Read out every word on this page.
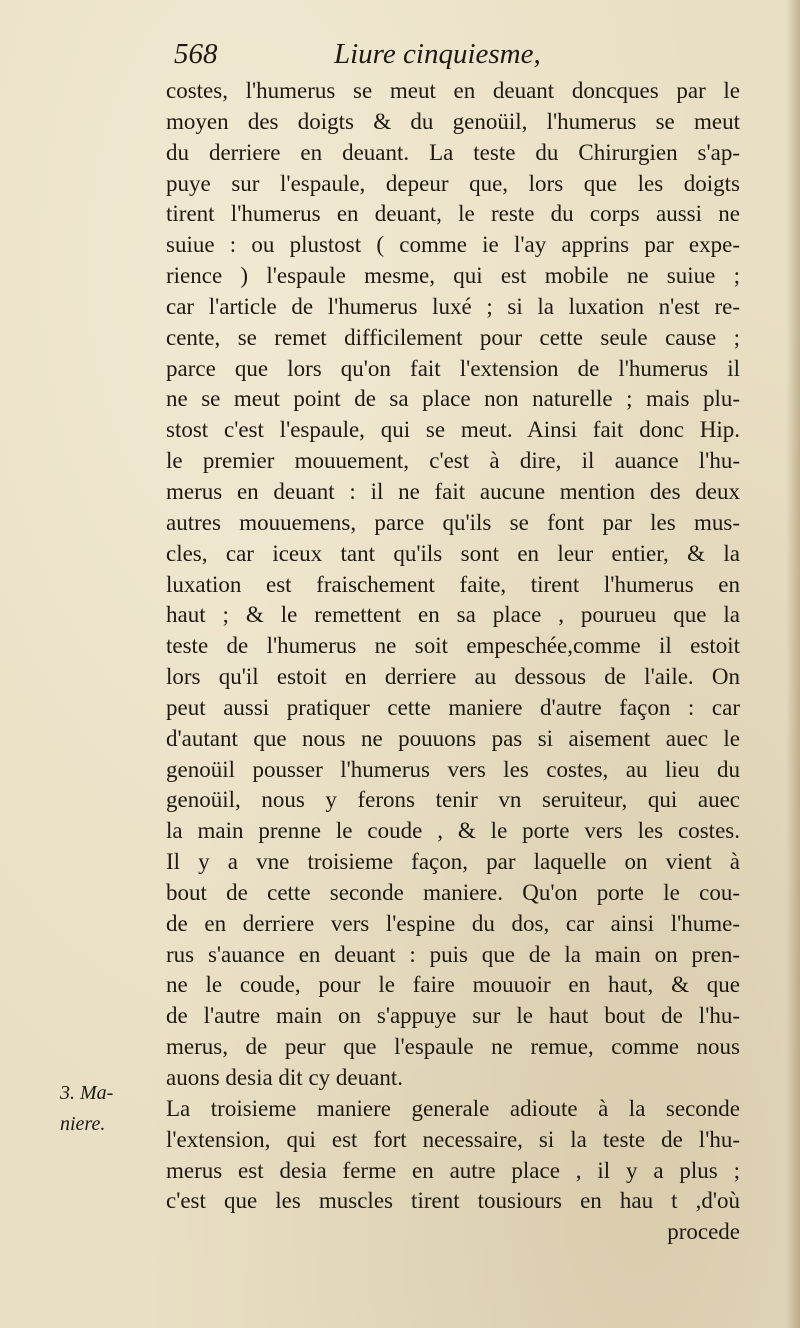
568	Liure cinquiesme,
3. Ma-
niere.
costes, l'humerus se meut en deuant doncques par le
moyen des doigts & du genoüil, l'humerus se meut
du derriere en deuant. La teste du Chirurgien s'ap-
puye sur l'espaule, depeur que, lors que les doigts
tirent l'humerus en deuant, le reste du corps aussi ne
suiue : ou plustost ( comme ie l'ay apprins par expe-
rience ) l'espaule mesme, qui est mobile ne suiue ;
car l'article de l'humerus luxé ; si la luxation n'est re-
cente, se remet difficilement pour cette seule cause ;
parce que lors qu'on fait l'extension de l'humerus il
ne se meut point de sa place non naturelle ; mais plu-
stost c'est l'espaule, qui se meut. Ainsi fait donc Hip.
le premier mouuement, c'est à dire, il auance l'hu-
merus en deuant : il ne fait aucune mention des deux
autres mouuemens, parce qu'ils se font par les mus-
cles, car iceux tant qu'ils sont en leur entier, & la
luxation est fraischement faite, tirent l'humerus en
haut ; & le remettent en sa place , pourueu que la
teste de l'humerus ne soit empeschée,comme il estoit
lors qu'il estoit en derriere au dessous de l'aile. On
peut aussi pratiquer cette maniere d'autre façon : car
d'autant que nous ne pouuons pas si aisement auec le
genoüil pousser l'humerus vers les costes, au lieu du
genoüil, nous y ferons tenir vn seruiteur, qui auec
la main prenne le coude , & le porte vers les costes.
Il y a vne troisieme façon, par laquelle on vient à
bout de cette seconde maniere. Qu'on porte le cou-
de en derriere vers l'espine du dos, car ainsi l'hume-
rus s'auance en deuant : puis que de la main on pren-
ne le coude, pour le faire mouuoir en haut, & que
de l'autre main on s'appuye sur le haut bout de l'hu-
merus, de peur que l'espaule ne remue, comme nous
auons desia dit cy deuant.
La troisieme maniere generale adioute à la seconde
l'extension, qui est fort necessaire, si la teste de l'hu-
merus est desia ferme en autre place , il y a plus ;
c'est que les muscles tirent tousiours en hau t ,d'où
procede
